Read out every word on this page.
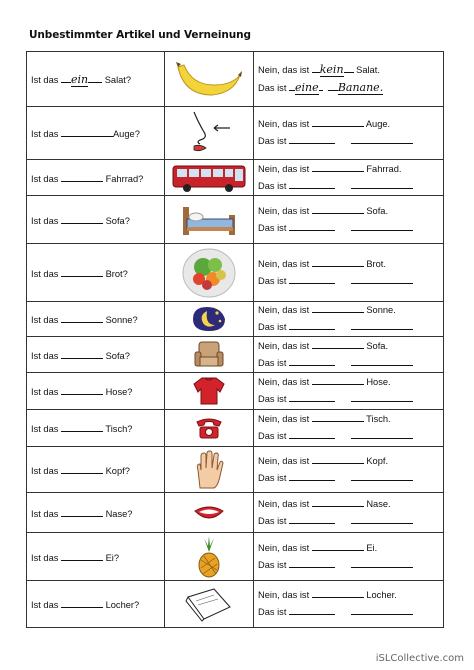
Unbestimmter Artikel und Verneinung
Ist das ein Salat?		Nein, das ist kein Salat.
Das ist eine Banane.

Ist das Auge?		Nein, das ist Auge.
Das ist

Ist das Fahrrad?		Nein, das ist Fahrrad.
Das ist

Ist das Sofa?		Nein, das ist Sofa.
Das ist

Ist das Brot?		Nein, das ist Brot.
Das ist

Ist das Sonne?		Nein, das ist Sonne.
Das ist

Ist das Sofa?		Nein, das ist Sofa.
Das ist

Ist das Hose?		Nein, das ist Hose.
Das ist

Ist das Tisch?		Nein, das ist Tisch.
Das ist

Ist das Kopf?		Nein, das ist Kopf.
Das ist

Ist das Nase?		Nein, das ist Nase.
Das ist

Ist das Ei?		Nein, das ist Ei.
Das ist

Ist das Locher?		Nein, das ist Locher.
Das ist
iSLCollective.com
